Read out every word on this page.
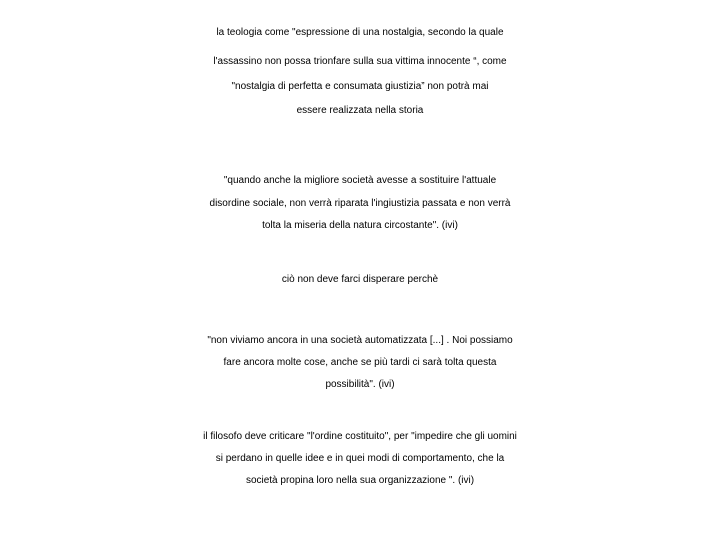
la teologia come "espressione di una nostalgia, secondo la quale
l'assassino non possa trionfare sulla sua vittima innocente “, come
"nostalgia di perfetta e consumata giustizia” non potrà mai
essere realizzata nella storia
"quando anche la migliore società avesse a sostituire l'attuale
disordine sociale, non verrà riparata l'ingiustizia passata e non verrà
tolta la miseria della natura circostante". (ivi)
ciò non deve farci disperare perchè
"non viviamo ancora in una società automatizzata [...] . Noi possiamo
fare ancora molte cose, anche se più tardi ci sarà tolta questa
possibilità". (ivi)
il filosofo deve criticare "l'ordine costituito", per "impedire che gli uomini
si perdano in quelle idee e in quei modi di comportamento, che la
società propina loro nella sua organizzazione ". (ivi)
